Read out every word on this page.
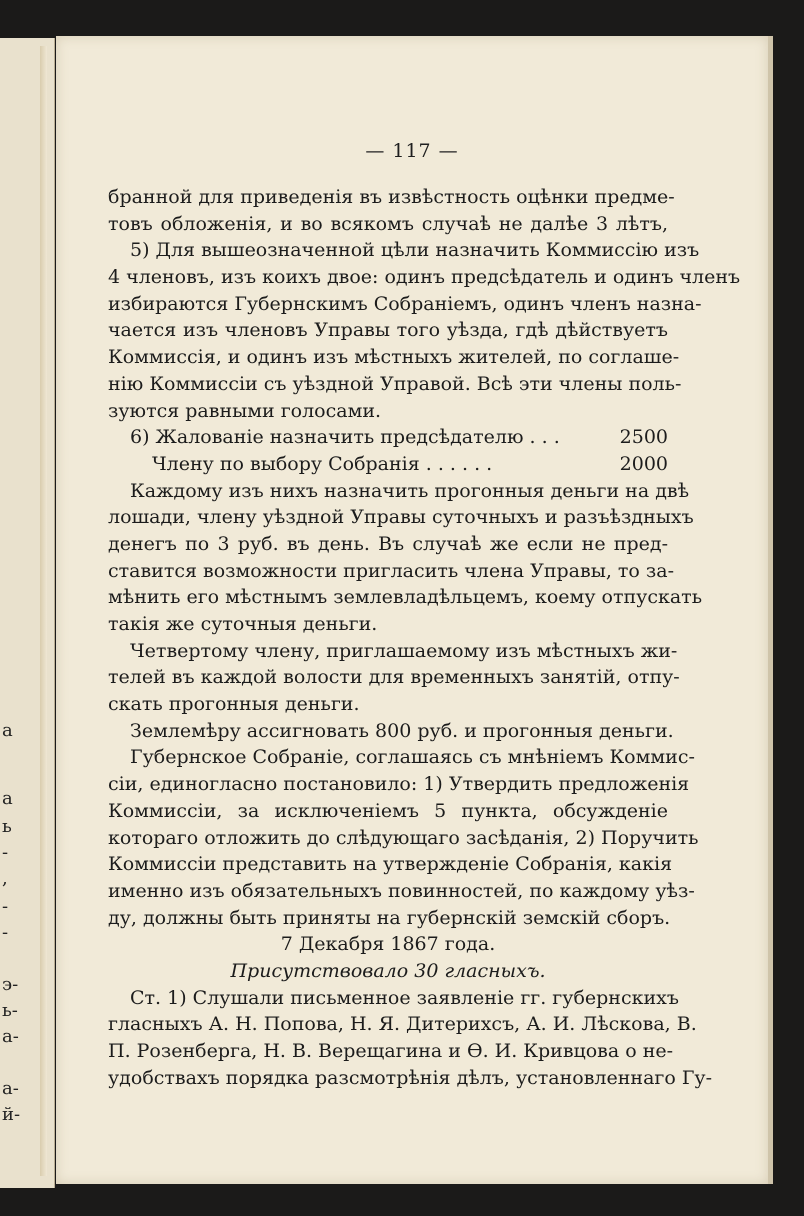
а
а
ь
-
,
-
-
э-
ь-
а-
а-
й-
— 117 —
бранной для приведенія въ извѣстность оцѣнки предме-
товъ обложенія, и во всякомъ случаѣ не далѣе 3 лѣтъ,
5) Для вышеозначенной цѣли назначить Коммиссію изъ
4 членовъ, изъ коихъ двое: одинъ предсѣдатель и одинъ членъ
избираются Губернскимъ Собраніемъ, одинъ членъ назна-
чается изъ членовъ Управы того уѣзда, гдѣ дѣйствуетъ
Коммиссія, и одинъ изъ мѣстныхъ жителей, по соглаше-
нію Коммиссіи съ уѣздной Управой. Всѣ эти члены поль-
зуются равными голосами.
6) Жалованіе назначить предсѣдателю . . .	2500
Члену по выбору Собранія . . . . . .	2000
Каждому изъ нихъ назначить прогонныя деньги на двѣ
лошади, члену уѣздной Управы суточныхъ и разъѣздныхъ
денегъ по 3 руб. въ день. Въ случаѣ же если не пред-
ставится возможности пригласить члена Управы, то за-
мѣнить его мѣстнымъ землевладѣльцемъ, коему отпускать
такія же суточныя деньги.
Четвертому члену, приглашаемому изъ мѣстныхъ жи-
телей въ каждой волости для временныхъ занятій, отпу-
скать прогонныя деньги.
Землемѣру ассигновать 800 руб. и прогонныя деньги.
Губернское Собраніе, соглашаясь съ мнѣніемъ Коммис-
сіи, единогласно постановило: 1) Утвердить предложенія
Коммиссіи, за исключеніемъ 5 пункта, обсужденіе
котораго отложить до слѣдующаго засѣданія, 2) Поручить
Коммиссіи представить на утвержденіе Собранія, какія
именно изъ обязательныхъ повинностей, по каждому уѣз-
ду, должны быть приняты на губернскій земскій сборъ.
7 Декабря 1867 года.
Присутствовало 30 гласныхъ.
Ст. 1) Слушали письменное заявленіе гг. губернскихъ
гласныхъ А. Н. Попова, Н. Я. Дитерихсъ, А. И. Лѣскова, В.
П. Розенберга, Н. В. Верещагина и Ѳ. И. Кривцова о не-
удобствахъ порядка разсмотрѣнія дѣлъ, установленнаго Гу-
